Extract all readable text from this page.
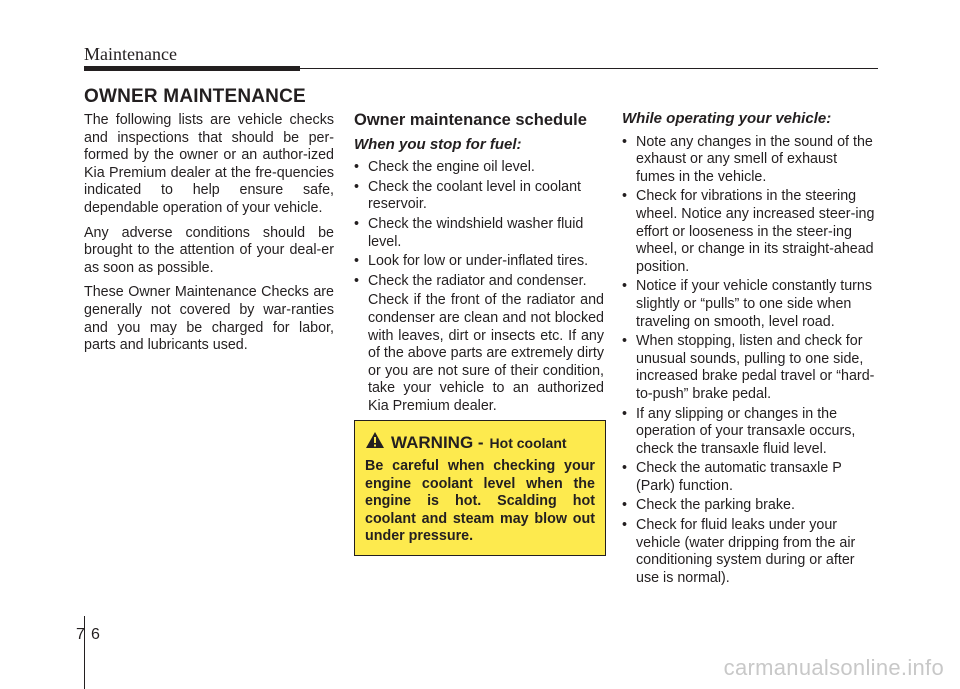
Maintenance
OWNER MAINTENANCE

The following lists are vehicle checks and inspections that should be per-formed by the owner or an author-ized Kia Premium dealer at the fre-quencies indicated to help ensure safe, dependable operation of your vehicle.

Any adverse conditions should be brought to the attention of your deal-er as soon as possible.

These Owner Maintenance Checks are generally not covered by war-ranties and you may be charged for labor, parts and lubricants used.

Owner maintenance schedule
When you stop for fuel:
• Check the engine oil level.
• Check the coolant level in coolant reservoir.
• Check the windshield washer fluid level.
• Look for low or under-inflated tires.
• Check the radiator and condenser.

Check if the front of the radiator and condenser are clean and not blocked with leaves, dirt or insects etc. If any of the above parts are extremely dirty or you are not sure of their condition, take your vehicle to an authorized Kia Premium dealer.

WARNING - Hot coolant

Be careful when checking your engine coolant level when the engine is hot. Scalding hot coolant and steam may blow out under pressure.

While operating your vehicle:
• Note any changes in the sound of the exhaust or any smell of exhaust fumes in the vehicle.
• Check for vibrations in the steering wheel. Notice any increased steer-ing effort or looseness in the steer-ing wheel, or change in its straight-ahead position.
• Notice if your vehicle constantly turns slightly or “pulls” to one side when traveling on smooth, level road.
• When stopping, listen and check for unusual sounds, pulling to one side, increased brake pedal travel or “hard-to-push” brake pedal.
• If any slipping or changes in the operation of your transaxle occurs, check the transaxle fluid level.
• Check the automatic transaxle P (Park) function.
• Check the parking brake.
• Check for fluid leaks under your vehicle (water dripping from the air conditioning system during or after use is normal).
7 6
carmanualsonline.info
